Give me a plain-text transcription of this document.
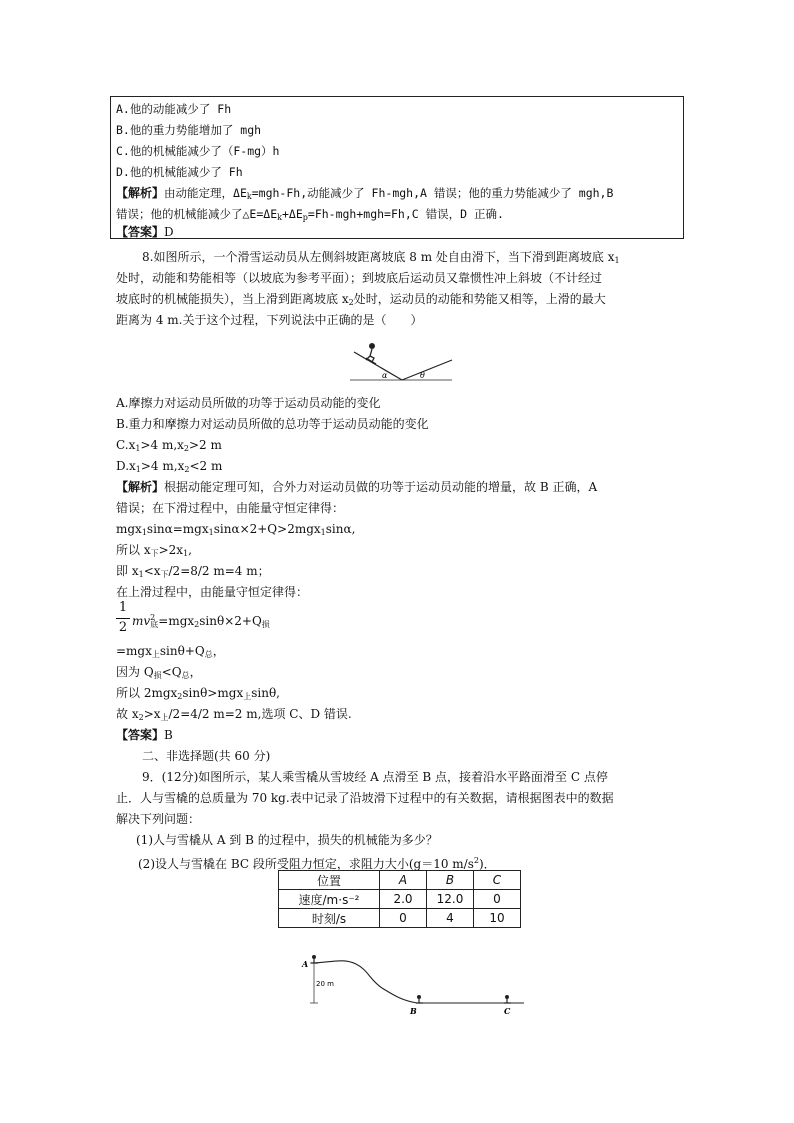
A.他的动能减少了 Fh
B.他的重力势能增加了 mgh
C.他的机械能减少了（F-mg）h
D.他的机械能减少了 Fh
【解析】由动能定理，$\Delta E_k=mgh-Fh$,动能减少了 Fh-mgh,A 错误；他的重力势能减少了 mgh,B
错误；他的机械能减少了$\triangle E=\Delta E_k+\Delta E_p=Fh-mgh+mgh=Fh,C$ 错误，D 正确.
【答案】D
8.如图所示，一个滑雪运动员从左侧斜坡距离坡底 8 m 处自由滑下，当下滑到距离坡底 $x_1$
处时，动能和势能相等（以坡底为参考平面）；到坡底后运动员又靠惯性冲上斜坡（不计经过
坡底时的机械能损失），当上滑到距离坡底 $x_2$处时，运动员的动能和势能又相等，上滑的最大
距离为 4 m.关于这个过程，下列说法中正确的是（　　）
α	θ
A.摩擦力对运动员所做的功等于运动员动能的变化
B.重力和摩擦力对运动员所做的总功等于运动员动能的变化
$C.x_1>4$ $m,x_2>2$ m
$D.x_1>4$ $m,x_2<2$ m
【解析】根据动能定理可知，合外力对运动员做的功等于运动员动能的增量，故 B 正确，A
错误；在下滑过程中，由能量守恒定律得：
mgx$_1$sinα=mgx$_1$sinα×2+Q>2mgx$_1$sinα,
所以 $x_下>2x_1$,
即 $x_1<x_下/2=8/2$ m=4 m；
在上滑过程中，由能量守恒定律得：
1
2 $mv^2_底=mgx_2\sin\theta\times 2+Q_损$
$=mgx_上\sin\theta+Q_总$，
因为 $Q_损<Q_总$，
所以 2mgx$_2$sinθ>mgx$_上$sinθ,
故 $x_2>x_上/2=4/2$ m=2 m,选项 C、D 错误.
【答案】B
二、非选择题(共 60 分)
9．(12分)如图所示，某人乘雪橇从雪坡经 A 点滑至 B 点，接着沿水平路面滑至 C 点停
止．人与雪橇的总质量为 70 kg.表中记录了沿坡滑下过程中的有关数据，请根据图表中的数据
解决下列问题：
(1)人与雪橇从 A 到 B 的过程中，损失的机械能为多少？
(2)设人与雪橇在 BC 段所受阻力恒定，求阻力大小(g＝10 $m/s^2$)．
位置	A	B	C
速度/m·s⁻²	2.0	12.0	0
时刻/s	0	4	10
A
B	C
20 m
